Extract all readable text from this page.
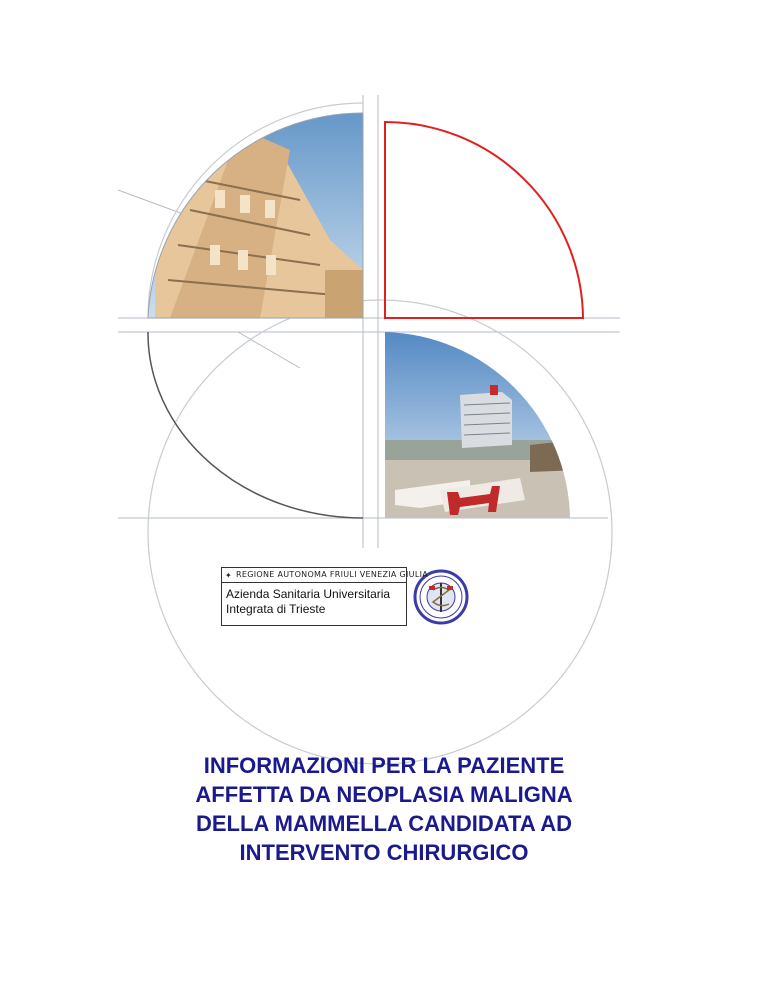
✦ REGIONE AUTONOMA FRIULI VENEZIA GIULIA
Azienda Sanitaria Universitaria
Integrata di Trieste
INFORMAZIONI PER LA PAZIENTE
AFFETTA DA NEOPLASIA MALIGNA
DELLA MAMMELLA CANDIDATA AD
INTERVENTO CHIRURGICO
